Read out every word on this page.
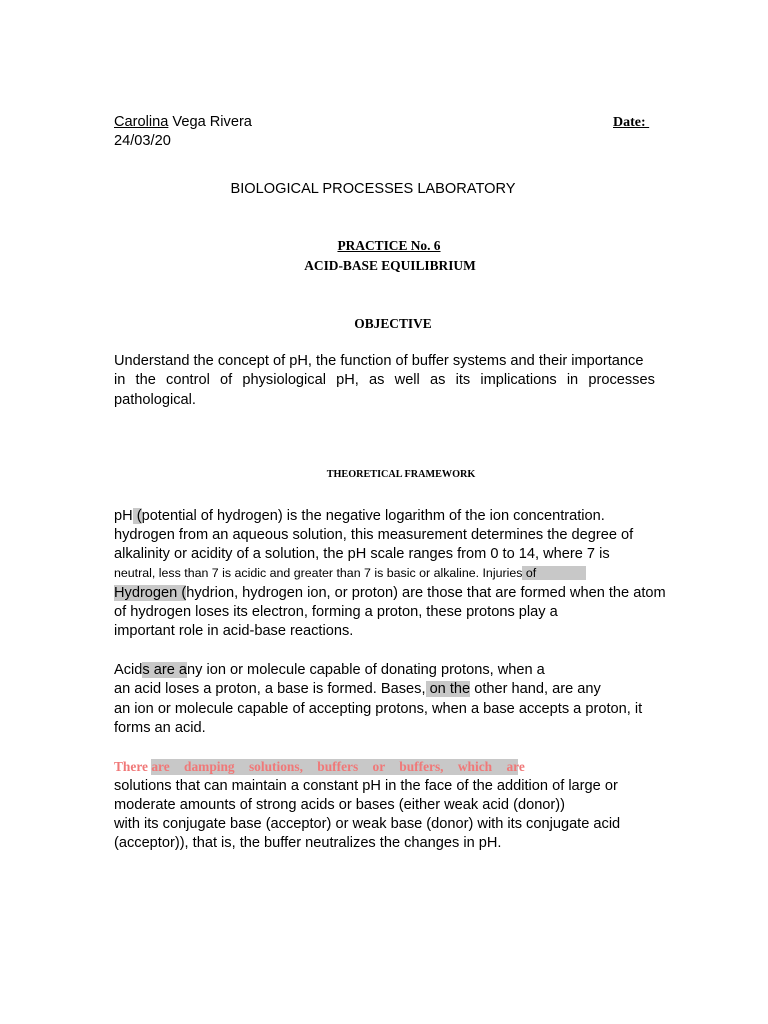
Carolina Vega Rivera	Date:
24/03/20
BIOLOGICAL PROCESSES LABORATORY
PRACTICE No. 6
ACID-BASE EQUILIBRIUM
OBJECTIVE
Understand the concept of pH, the function of buffer systems and their importance
in the control of physiological pH, as well as its implications in processes
pathological.
THEORETICAL FRAMEWORK
pH (potential of hydrogen) is the negative logarithm of the ion concentration.
hydrogen from an aqueous solution, this measurement determines the degree of
alkalinity or acidity of a solution, the pH scale ranges from 0 to 14, where 7 is
neutral, less than 7 is acidic and greater than 7 is basic or alkaline. Injuries of
Hydrogen (hydrion, hydrogen ion, or proton) are those that are formed when the atom
of hydrogen loses its electron, forming a proton, these protons play a
important role in acid-base reactions.
Acids are any ion or molecule capable of donating protons, when a
an acid loses a proton, a base is formed. Bases, on the other hand, are any
an ion or molecule capable of accepting protons, when a base accepts a proton, it
forms an acid.
There are damping solutions, buffers or buffers, which are
solutions that can maintain a constant pH in the face of the addition of large or
moderate amounts of strong acids or bases (either weak acid (donor))
with its conjugate base (acceptor) or weak base (donor) with its conjugate acid
(acceptor)), that is, the buffer neutralizes the changes in pH.
